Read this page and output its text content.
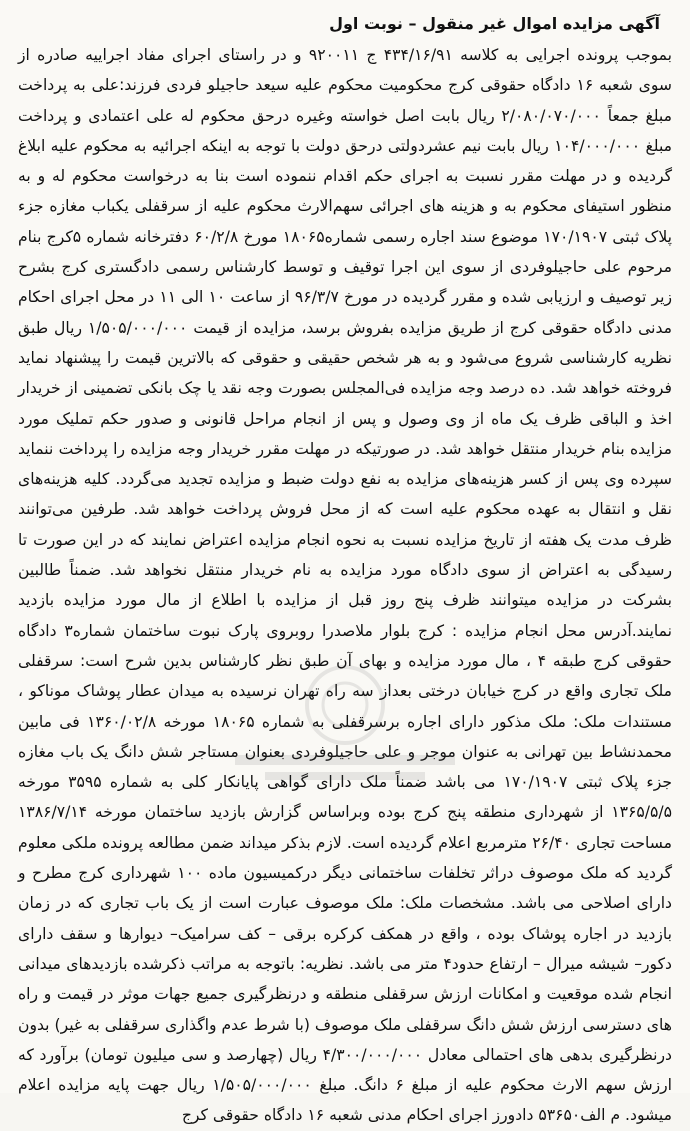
آگهی مزایده اموال غیر منقول – نوبت اول

بموجب پرونده اجرایی به کلاسه ۴۳۴/۱۶/۹۱ ج ۹۲۰۰۱۱ و در راستای اجرای مفاد اجراییه صادره از سوی شعبه ۱۶ دادگاه حقوقی کرج محکومیت محکوم علیه سیعد حاجیلو فردی فرزند:علی به پرداخت مبلغ جمعاً ۲/۰۸۰/۰۷۰/۰۰۰ ریال بابت اصل خواسته وغیره درحق محکوم له علی اعتمادی و پرداخت مبلغ ۱۰۴/۰۰۰/۰۰۰ ریال بابت نیم عشردولتی درحق دولت با توجه به اینکه اجرائیه به محکوم علیه ابلاغ گردیده و در مهلت مقرر نسبت به اجرای حکم اقدام ننموده است بنا به درخواست محکوم له و به منظور استیفای محکوم به و هزینه های اجرائی سهم‌الارث محکوم علیه از سرقفلی یکباب مغازه جزء پلاک ثبتی ۱۷۰/۱۹۰۷ موضوع سند اجاره رسمی شماره۱۸۰۶۵ مورخ ۶۰/۲/۸ دفترخانه شماره ۵کرج بنام مرحوم علی حاجیلوفردی از سوی این اجرا توقیف و توسط کارشناس رسمی دادگستری کرج بشرح زیر توصیف و ارزیابی شده و مقرر گردیده در مورخ ۹۶/۳/۷ از ساعت ۱۰ الی ۱۱ در محل اجرای احکام مدنی دادگاه حقوقی کرج از طریق مزایده بفروش برسد، مزایده از قیمت ۱/۵۰۵/۰۰۰/۰۰۰ ریال طبق نظریه کارشناسی شروع می‌شود و به هر شخص حقیقی و حقوقی که بالاترین قیمت را پیشنهاد نماید فروخته خواهد شد. ده درصد وجه مزایده فی‌المجلس بصورت وجه نقد یا چک بانکی تضمینی از خریدار اخذ و الباقی ظرف یک ماه از وی وصول و پس از انجام مراحل قانونی و صدور حکم تملیک مورد مزایده بنام خریدار منتقل خواهد شد. در صورتیکه در مهلت مقرر خریدار وجه مزایده را پرداخت ننماید سپرده وی پس از کسر هزینه‌های مزایده به نفع دولت ضبط و مزایده تجدید می‌گردد. کلیه هزینه‌های نقل و انتقال به عهده محکوم علیه است که از محل فروش پرداخت خواهد شد. طرفین می‌توانند ظرف مدت یک هفته از تاریخ مزایده نسبت به نحوه انجام مزایده اعتراض نمایند که در این صورت تا رسیدگی به اعتراض از سوی دادگاه مورد مزایده به نام خریدار منتقل نخواهد شد. ضمناً طالبین بشرکت در مزایده میتوانند ظرف پنج روز قبل از مزایده با اطلاع از مال مورد مزایده بازدید نمایند.آدرس محل انجام مزایده : کرج بلوار ملاصدرا روبروی پارک نبوت ساختمان شماره۳ دادگاه حقوقی کرج طبقه ۴ ، مال مورد مزایده و بهای آن طبق نظر کارشناس بدین شرح است: سرقفلی ملک تجاری واقع در کرج خیابان درختی بعداز سه راه تهران نرسیده به میدان عطار پوشاک موناکو ، مستندات ملک: ملک مذکور دارای اجاره برسرقفلی به شماره ۱۸۰۶۵ مورخه ۱۳۶۰/۰۲/۸ فی مابین محمدنشاط بین تهرانی به عنوان موجر و علی حاجیلوفردی بعنوان مستاجر شش دانگ یک باب مغازه جزء پلاک ثبتی ۱۷۰/۱۹۰۷ می باشد ضمناً ملک دارای گواهی پایانکار کلی به شماره ۳۵۹۵ مورخه ۱۳۶۵/۵/۵ از شهرداری منطقه پنج کرج بوده وبراساس گزارش بازدید ساختمان مورخه ۱۳۸۶/۷/۱۴ مساحت تجاری ۲۶/۴۰ مترمربع اعلام گردیده است. لازم بذکر میداند ضمن مطالعه پرونده ملکی معلوم گردید که ملک موصوف دراثر تخلفات ساختمانی دیگر درکمیسیون ماده ۱۰۰ شهرداری کرج مطرح و دارای اصلاحی می باشد. مشخصات ملک: ملک موصوف عبارت است از یک باب تجاری که در زمان بازدید در اجاره پوشاک بوده ، واقع در همکف کرکره برقی – کف سرامیک– دیوارها و سقف دارای دکور– شیشه میرال – ارتفاع حدود۴ متر می باشد. نظریه: باتوجه به مراتب ذکرشده بازدیدهای میدانی انجام شده موقعیت و امکانات ارزش سرقفلی منطقه و درنظرگیری جمیع جهات موثر در قیمت و راه های دسترسی ارزش شش دانگ سرقفلی ملک موصوف (با شرط عدم واگذاری سرقفلی به غیر) بدون درنظرگیری بدهی های احتمالی معادل ۴/۳۰۰/۰۰۰/۰۰۰ ریال (چهارصد و سی میلیون تومان) برآورد که ارزش سهم الارث محکوم علیه از مبلغ ۶ دانگ. مبلغ ۱/۵۰۵/۰۰۰/۰۰۰ ریال جهت پایه مزایده اعلام میشود. م الف۵۳۶۵۰ دادورز اجرای احکام مدنی شعبه ۱۶ دادگاه حقوقی کرج
